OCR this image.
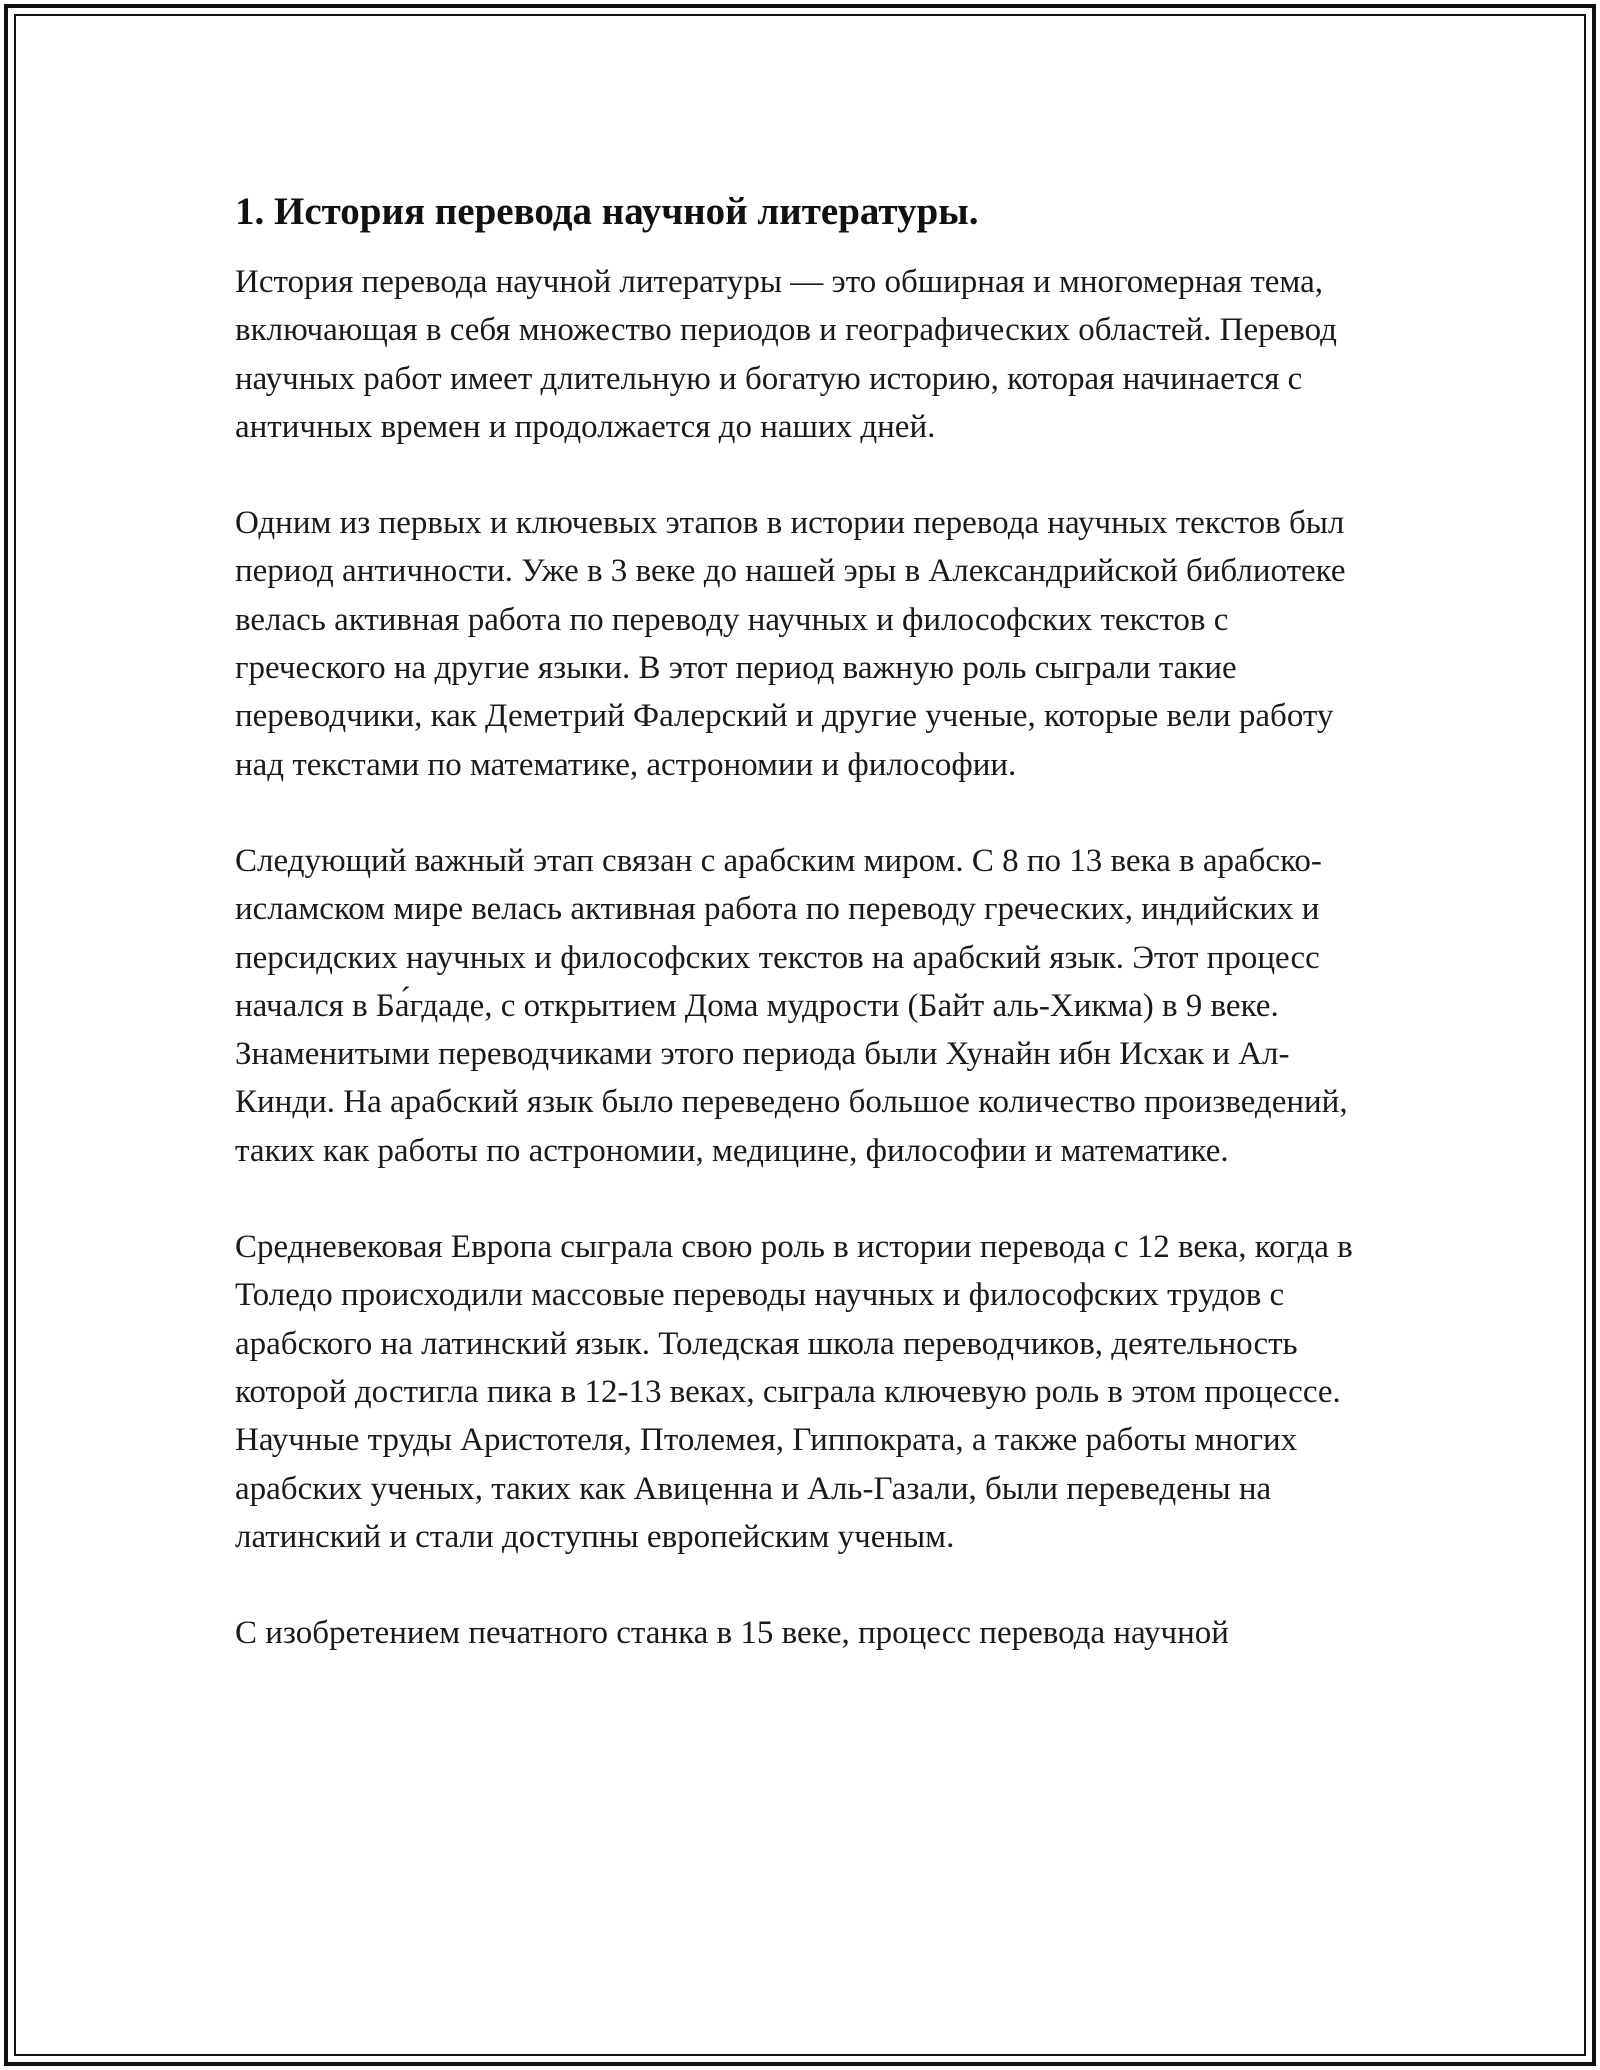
1. История перевода научной литературы.

История перевода научной литературы — это обширная и многомерная тема, включающая в себя множество периодов и географических областей. Перевод научных работ имеет длительную и богатую историю, которая начинается с античных времен и продолжается до наших дней.

Одним из первых и ключевых этапов в истории перевода научных текстов был период античности. Уже в 3 веке до нашей эры в Александрийской библиотеке велась активная работа по переводу научных и философских текстов с греческого на другие языки. В этот период важную роль сыграли такие переводчики, как Деметрий Фалерский и другие ученые, которые вели работу над текстами по математике, астрономии и философии.

Следующий важный этап связан с арабским миром. С 8 по 13 века в арабско-исламском мире велась активная работа по переводу греческих, индийских и персидских научных и философских текстов на арабский язык. Этот процесс начался в Ба́гдаде, с открытием Дома мудрости (Байт аль-Хикма) в 9 веке. Знаменитыми переводчиками этого периода были Хунайн ибн Исхак и Ал-Кинди. На арабский язык было переведено большое количество произведений, таких как работы по астрономии, медицине, философии и математике.

Средневековая Европа сыграла свою роль в истории перевода с 12 века, когда в Толедо происходили массовые переводы научных и философских трудов с арабского на латинский язык. Толедская школа переводчиков, деятельность которой достигла пика в 12-13 веках, сыграла ключевую роль в этом процессе. Научные труды Аристотеля, Птолемея, Гиппократа, а также работы многих арабских ученых, таких как Авиценна и Аль-Газали, были переведены на латинский и стали доступны европейским ученым.

С изобретением печатного станка в 15 веке, процесс перевода научной
